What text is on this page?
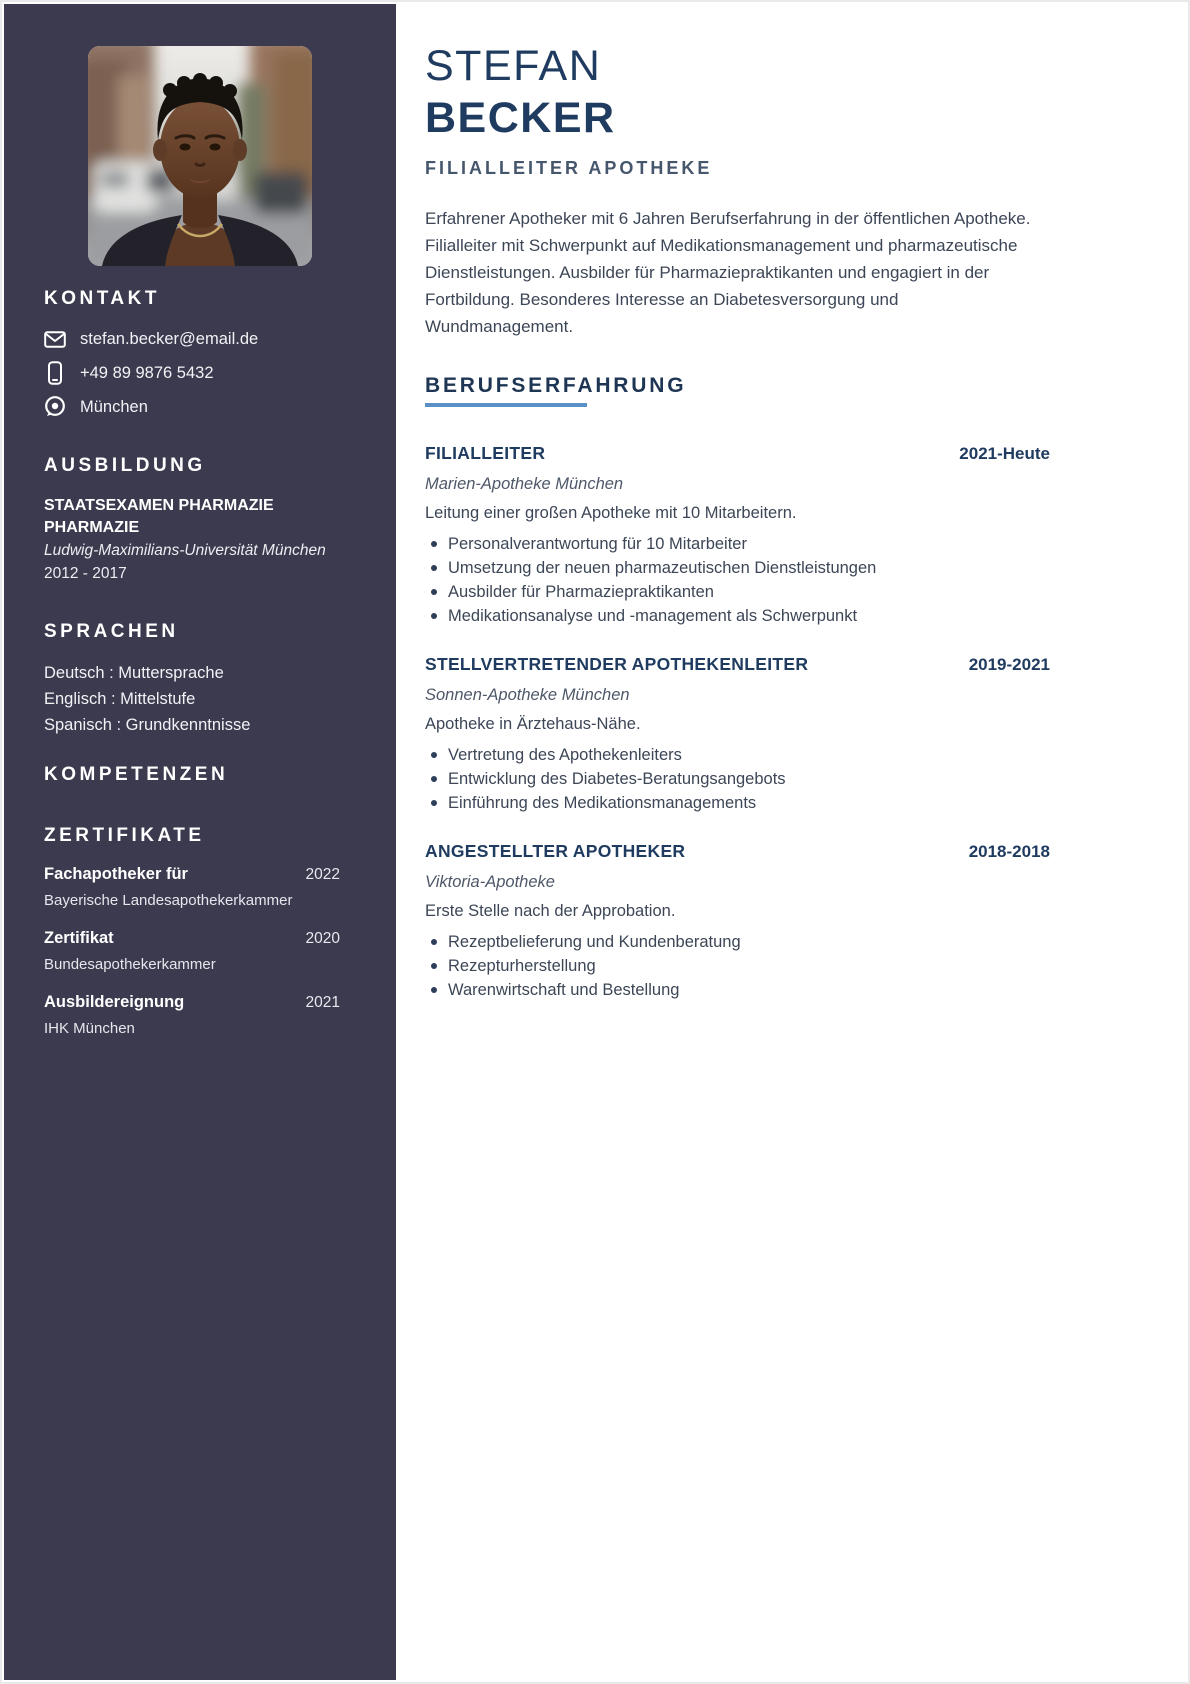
KONTAKT
stefan.becker@email.de
+49 89 9876 5432
München
AUSBILDUNG
STAATSEXAMEN PHARMAZIE PHARMAZIE
Ludwig-Maximilians-Universität München
2012 - 2017
SPRACHEN
Deutsch : Muttersprache
Englisch : Mittelstufe
Spanisch : Grundkenntnisse
KOMPETENZEN
ZERTIFIKATE
Fachapotheker für	2022
Bayerische Landesapothekerkammer
Zertifikat	2020
Bundesapothekerkammer
Ausbildereignung	2021
IHK München
STEFAN
BECKER
FILIALLEITER APOTHEKE

Erfahrener Apotheker mit 6 Jahren Berufserfahrung in der öffentlichen Apotheke. Filialleiter mit Schwerpunkt auf Medikationsmanagement und pharmazeutische Dienstleistungen. Ausbilder für Pharmaziepraktikanten und engagiert in der Fortbildung. Besonderes Interesse an Diabetesversorgung und Wundmanagement.

BERUFSERFAHRUNG
FILIALLEITER	2021-Heute
Marien-Apotheke München
Leitung einer großen Apotheke mit 10 Mitarbeitern.
Personalverantwortung für 10 Mitarbeiter
Umsetzung der neuen pharmazeutischen Dienstleistungen
Ausbilder für Pharmaziepraktikanten
Medikationsanalyse und -management als Schwerpunkt
STELLVERTRETENDER APOTHEKENLEITER	2019-2021
Sonnen-Apotheke München
Apotheke in Ärztehaus-Nähe.
Vertretung des Apothekenleiters
Entwicklung des Diabetes-Beratungsangebots
Einführung des Medikationsmanagements
ANGESTELLTER APOTHEKER	2018-2018
Viktoria-Apotheke
Erste Stelle nach der Approbation.
Rezeptbelieferung und Kundenberatung
Rezepturherstellung
Warenwirtschaft und Bestellung
